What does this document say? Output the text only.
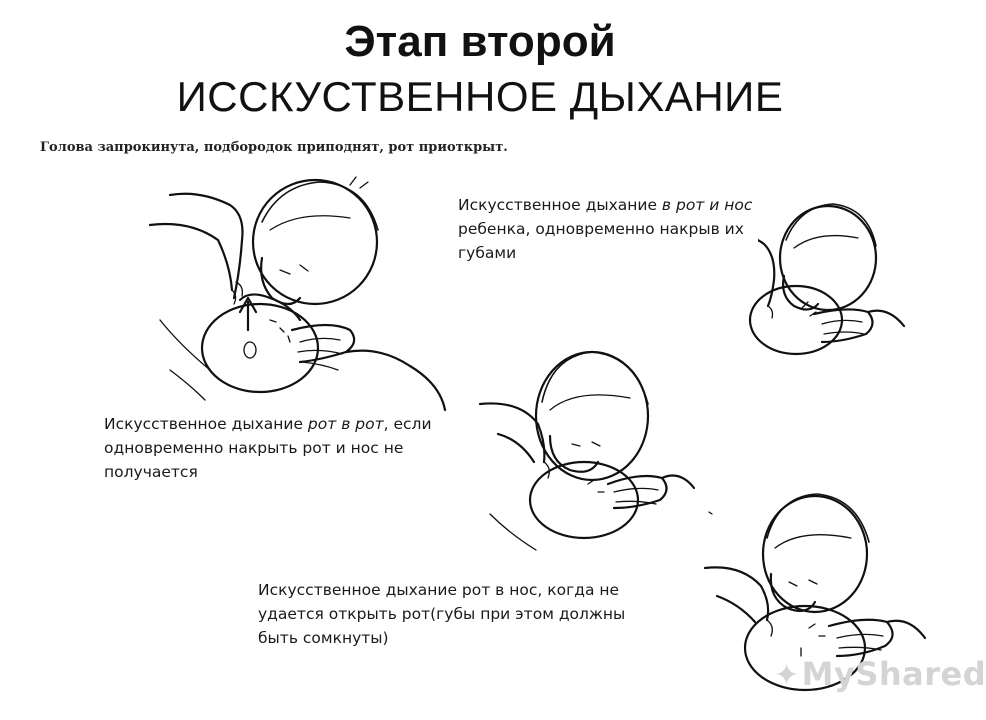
Этап второй
ИССКУСТВЕННОЕ ДЫХАНИЕ
Голова запрокинута, подбородок приподнят, рот приоткрыт.
Искусственное дыхание в рот и нос ребенка, одновременно накрыв их губами
Искусственное дыхание рот в рот, если одновременно накрыть рот и нос не получается
Искусственное дыхание рот в нос, когда не удается открыть рот(губы при этом должны быть сомкнуты)
✦MyShared
